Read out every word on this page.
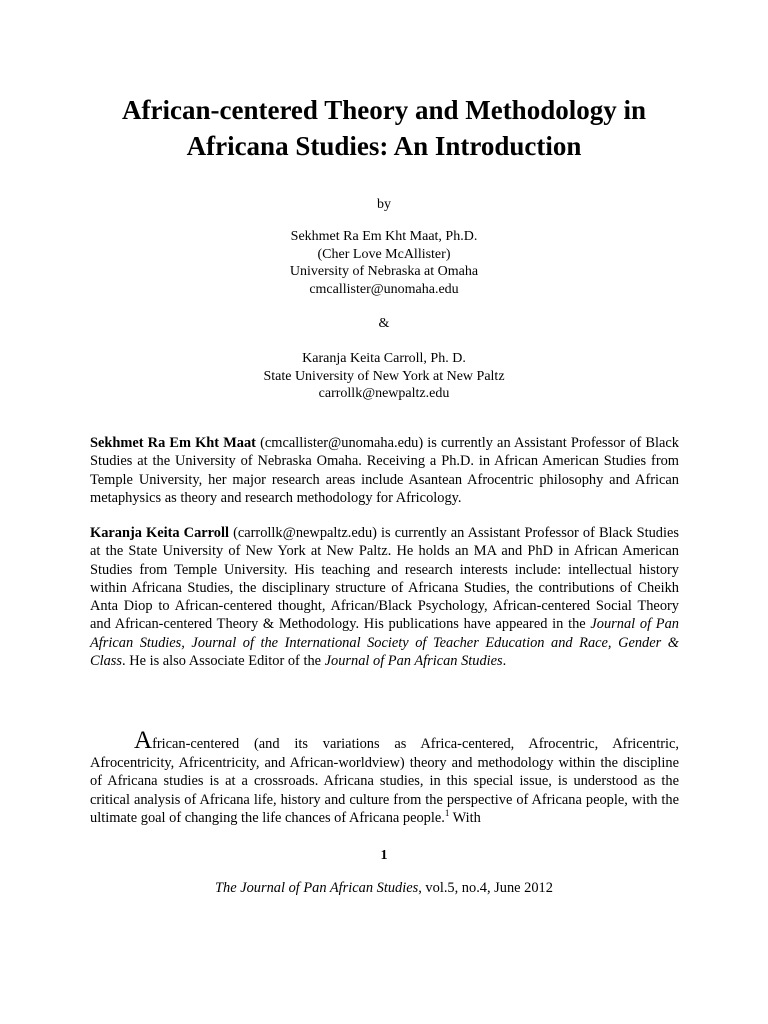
African-centered Theory and Methodology in
Africana Studies: An Introduction
by
Sekhmet Ra Em Kht Maat, Ph.D.
(Cher Love McAllister)
University of Nebraska at Omaha
cmcallister@unomaha.edu
&
Karanja Keita Carroll, Ph. D.
State University of New York at New Paltz
carrollk@newpaltz.edu

Sekhmet Ra Em Kht Maat (cmcallister@unomaha.edu) is currently an Assistant Professor of Black Studies at the University of Nebraska Omaha. Receiving a Ph.D. in African American Studies from Temple University, her major research areas include Asantean Afrocentric philosophy and African metaphysics as theory and research methodology for Africology.

Karanja Keita Carroll (carrollk@newpaltz.edu) is currently an Assistant Professor of Black Studies at the State University of New York at New Paltz. He holds an MA and PhD in African American Studies from Temple University. His teaching and research interests include: intellectual history within Africana Studies, the disciplinary structure of Africana Studies, the contributions of Cheikh Anta Diop to African-centered thought, African/Black Psychology, African-centered Social Theory and African-centered Theory & Methodology. His publications have appeared in the Journal of Pan African Studies, Journal of the International Society of Teacher Education and Race, Gender & Class. He is also Associate Editor of the Journal of Pan African Studies.

African-centered (and its variations as Africa-centered, Afrocentric, Africentric, Afrocentricity, Africentricity, and African-worldview) theory and methodology within the discipline of Africana studies is at a crossroads. Africana studies, in this special issue, is understood as the critical analysis of Africana life, history and culture from the perspective of Africana people, with the ultimate goal of changing the life chances of Africana people.$^1$ With

1
The Journal of Pan African Studies, vol.5, no.4, June 2012
